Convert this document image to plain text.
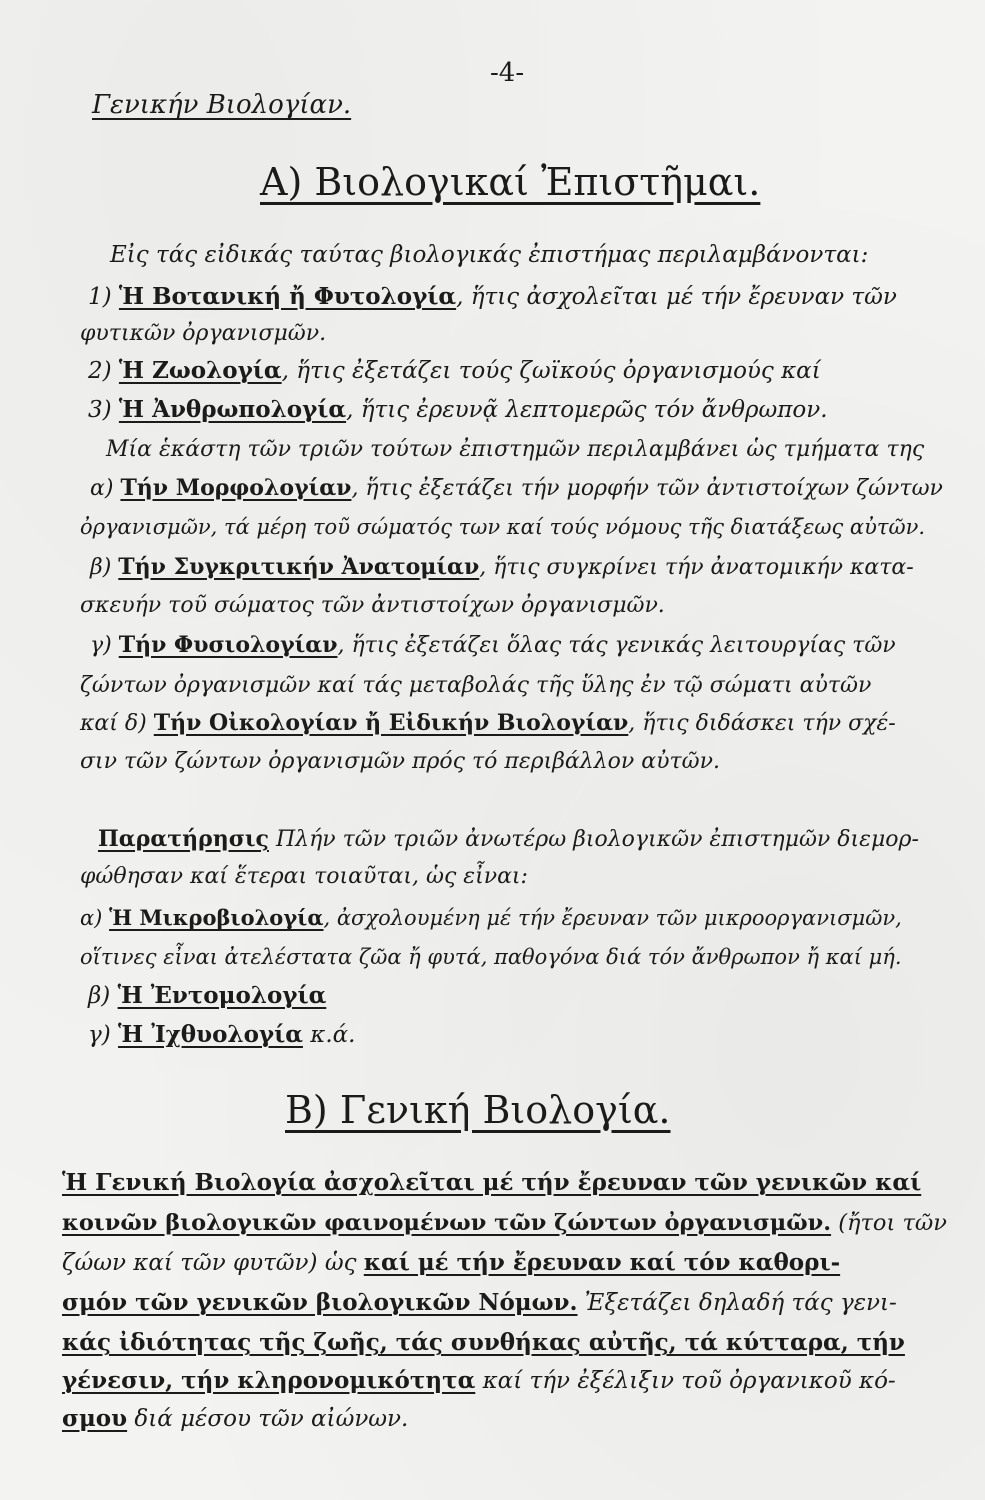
-4-
Γενικήν Βιολογίαν.
Α) Βιολογικαί Ἐπιστῆμαι.
Εἰς τάς εἰδικάς ταύτας βιολογικάς ἐπιστήμας περιλαμβάνονται:
1) Ἡ Βοτανική ἤ Φυτολογία, ἥτις ἀσχολεῖται μέ τήν ἔρευναν τῶν
φυτικῶν ὀργανισμῶν.
2) Ἡ Ζωολογία, ἥτις ἐξετάζει τούς ζωϊκούς ὀργανισμούς καί
3) Ἡ Ἀνθρωπολογία, ἥτις ἐρευνᾷ λεπτομερῶς τόν ἄνθρωπον.
Μία ἑκάστη τῶν τριῶν τούτων ἐπιστημῶν περιλαμβάνει ὡς τμήματα της
α) Τήν Μορφολογίαν, ἥτις ἐξετάζει τήν μορφήν τῶν ἀντιστοίχων ζώντων
ὀργανισμῶν, τά μέρη τοῦ σώματός των καί τούς νόμους τῆς διατάξεως αὐτῶν.
β) Τήν Συγκριτικήν Ἀνατομίαν, ἥτις συγκρίνει τήν ἀνατομικήν κατα-
σκευήν τοῦ σώματος τῶν ἀντιστοίχων ὀργανισμῶν.
γ) Τήν Φυσιολογίαν, ἥτις ἐξετάζει ὅλας τάς γενικάς λειτουργίας τῶν
ζώντων ὀργανισμῶν καί τάς μεταβολάς τῆς ὕλης ἐν τῷ σώματι αὐτῶν
καί δ) Τήν Οἰκολογίαν ἤ Εἰδικήν Βιολογίαν, ἥτις διδάσκει τήν σχέ-
σιν τῶν ζώντων ὀργανισμῶν πρός τό περιβάλλον αὐτῶν.
Παρατήρησις Πλήν τῶν τριῶν ἀνωτέρω βιολογικῶν ἐπιστημῶν διεμορ-
φώθησαν καί ἕτεραι τοιαῦται, ὡς εἶναι:
α) Ἡ Μικροβιολογία, ἀσχολουμένη μέ τήν ἔρευναν τῶν μικροοργανισμῶν,
οἵτινες εἶναι ἀτελέστατα ζῶα ἤ φυτά, παθογόνα διά τόν ἄνθρωπον ἤ καί μή.
β) Ἡ Ἐντομολογία
γ) Ἡ Ἰχθυολογία κ.ά.
Β) Γενική Βιολογία.
Ἡ Γενική Βιολογία ἀσχολεῖται μέ τήν ἔρευναν τῶν γενικῶν καί
κοινῶν βιολογικῶν φαινομένων τῶν ζώντων ὀργανισμῶν. (ἤτοι τῶν
ζώων καί τῶν φυτῶν) ὡς καί μέ τήν ἔρευναν καί τόν καθορι-
σμόν τῶν γενικῶν βιολογικῶν Νόμων. Ἐξετάζει δηλαδή τάς γενι-
κάς ἰδιότητας τῆς ζωῆς, τάς συνθήκας αὐτῆς, τά κύτταρα, τήν
γένεσιν, τήν κληρονομικότητα καί τήν ἐξέλιξιν τοῦ ὀργανικοῦ κό-
σμου διά μέσου τῶν αἰώνων.
